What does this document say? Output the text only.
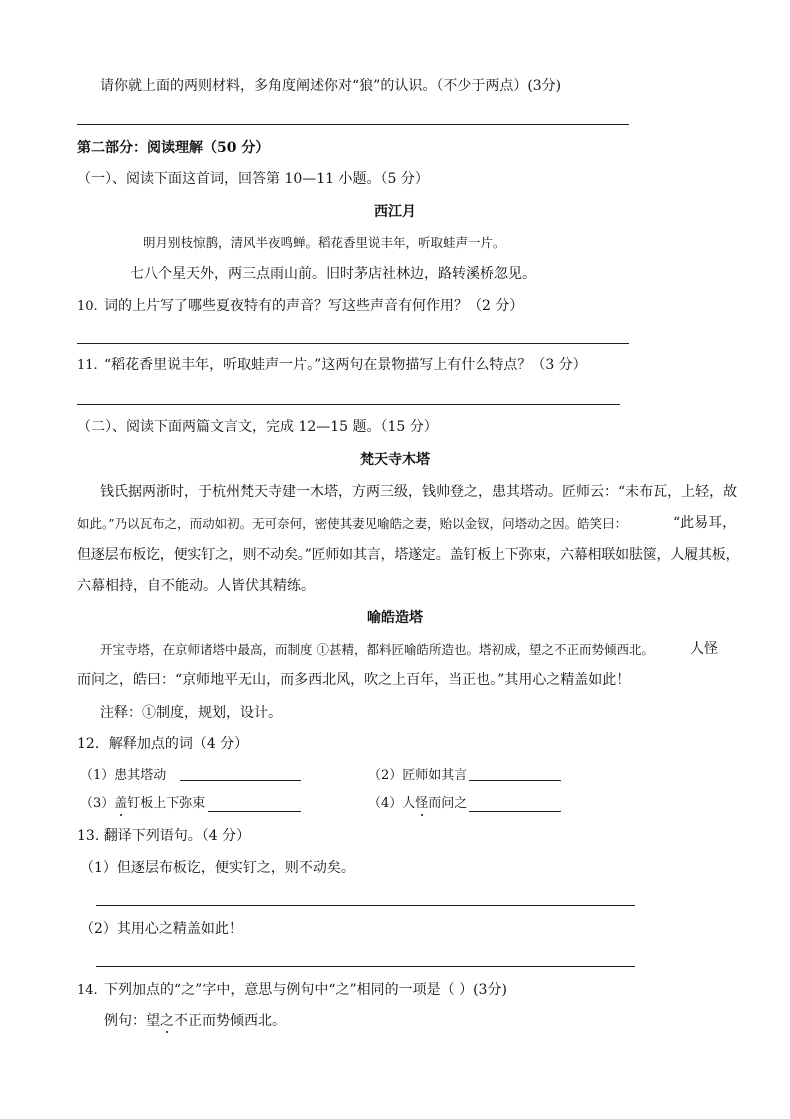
请你就上面的两则材料，多角度阐述你对“狼”的认识。（不少于两点）(3分)
第二部分：阅读理解（50 分）
（一）、阅读下面这首词，回答第 10—11 小题。（5 分）
西江月
明月别枝惊鹊，清风半夜鸣蝉。稻花香里说丰年，听取蛙声一片。
七八个星天外，两三点雨山前。旧时茅店社林边，路转溪桥忽见。
10. 词的上片写了哪些夏夜特有的声音？写这些声音有何作用？（2 分）
11. “稻花香里说丰年，听取蛙声一片。”这两句在景物描写上有什么特点？（3 分）
（二）、阅读下面两篇文言文，完成 12—15 题。（15 分）
梵天寺木塔
钱氏据两浙时，于杭州梵天寺建一木塔，方两三级，钱帅登之，患其塔动。匠师云：“未布瓦，上轻，故
如此。”乃以瓦布之，而动如初。无可奈何，密使其妻见喻皓之妻，贻以金钗，问塔动之因。皓笑曰：	“此易耳，
但逐层布板讫，便实钉之，则不动矣。”匠师如其言，塔遂定。盖钉板上下弥束，六幕相联如胠箧，人履其板，
六幕相持，自不能动。人皆伏其精练。
喻皓造塔
开宝寺塔，在京师诸塔中最高，而制度 ①甚精，都料匠喻皓所造也。塔初成，望之不正而势倾西北。	人怪
而问之，皓曰：“京师地平无山，而多西北风，吹之上百年，当正也。”其用心之精盖如此！
注释：①制度，规划，设计。
12．解释加点的词（4 分）
（1）患其塔动	（2）匠师如其言
（3）盖钉板上下弥束	（4）人怪而问之
13. 翻译下列语句。（4 分）
（1）但逐层布板讫，便实钉之，则不动矣。
（2）其用心之精盖如此！
14. 下列加点的“之”字中，意思与例句中“之”相同的一项是（ ）(3分)
例句：望之不正而势倾西北。
